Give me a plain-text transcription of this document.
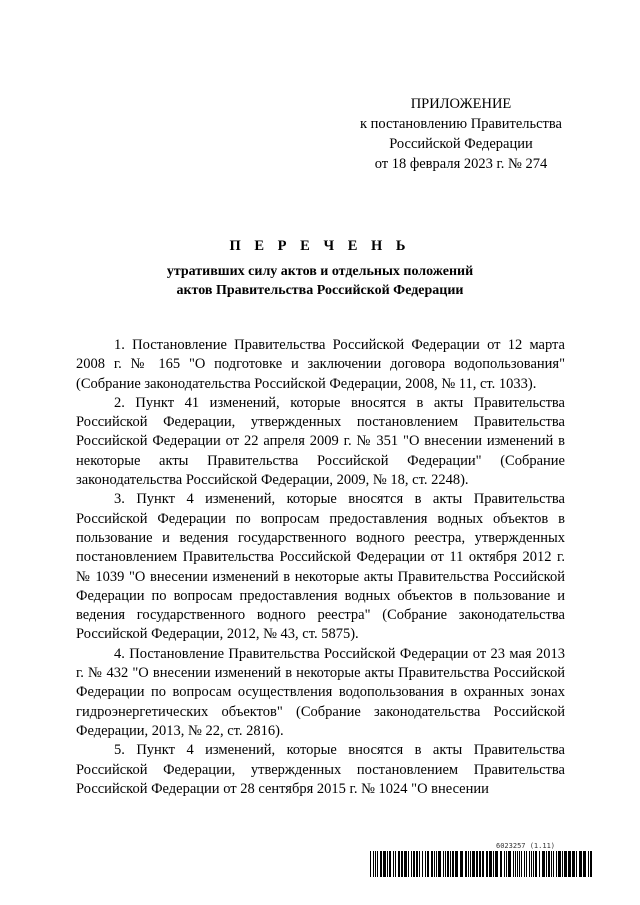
ПРИЛОЖЕНИЕ
к постановлению Правительства
Российской Федерации
от 18 февраля 2023 г. № 274
П Е Р Е Ч Е Н Ь
утративших силу актов и отдельных положений
актов Правительства Российской Федерации

1. Постановление Правительства Российской Федерации от 12 марта 2008 г. № 165 "О подготовке и заключении договора водопользования" (Собрание законодательства Российской Федерации, 2008, № 11, ст. 1033).

2. Пункт 41 изменений, которые вносятся в акты Правительства Российской Федерации, утвержденных постановлением Правительства Российской Федерации от 22 апреля 2009 г. № 351 "О внесении изменений в некоторые акты Правительства Российской Федерации" (Собрание законодательства Российской Федерации, 2009, № 18, ст. 2248).

3. Пункт 4 изменений, которые вносятся в акты Правительства Российской Федерации по вопросам предоставления водных объектов в пользование и ведения государственного водного реестра, утвержденных постановлением Правительства Российской Федерации от 11 октября 2012 г. № 1039 "О внесении изменений в некоторые акты Правительства Российской Федерации по вопросам предоставления водных объектов в пользование и ведения государственного водного реестра" (Собрание законодательства Российской Федерации, 2012, № 43, ст. 5875).

4. Постановление Правительства Российской Федерации от 23 мая 2013 г. № 432 "О внесении изменений в некоторые акты Правительства Российской Федерации по вопросам осуществления водопользования в охранных зонах гидроэнергетических объектов" (Собрание законодательства Российской Федерации, 2013, № 22, ст. 2816).

5. Пункт 4 изменений, которые вносятся в акты Правительства Российской Федерации, утвержденных постановлением Правительства Российской Федерации от 28 сентября 2015 г. № 1024 "О внесении

6023257 (1.11)
